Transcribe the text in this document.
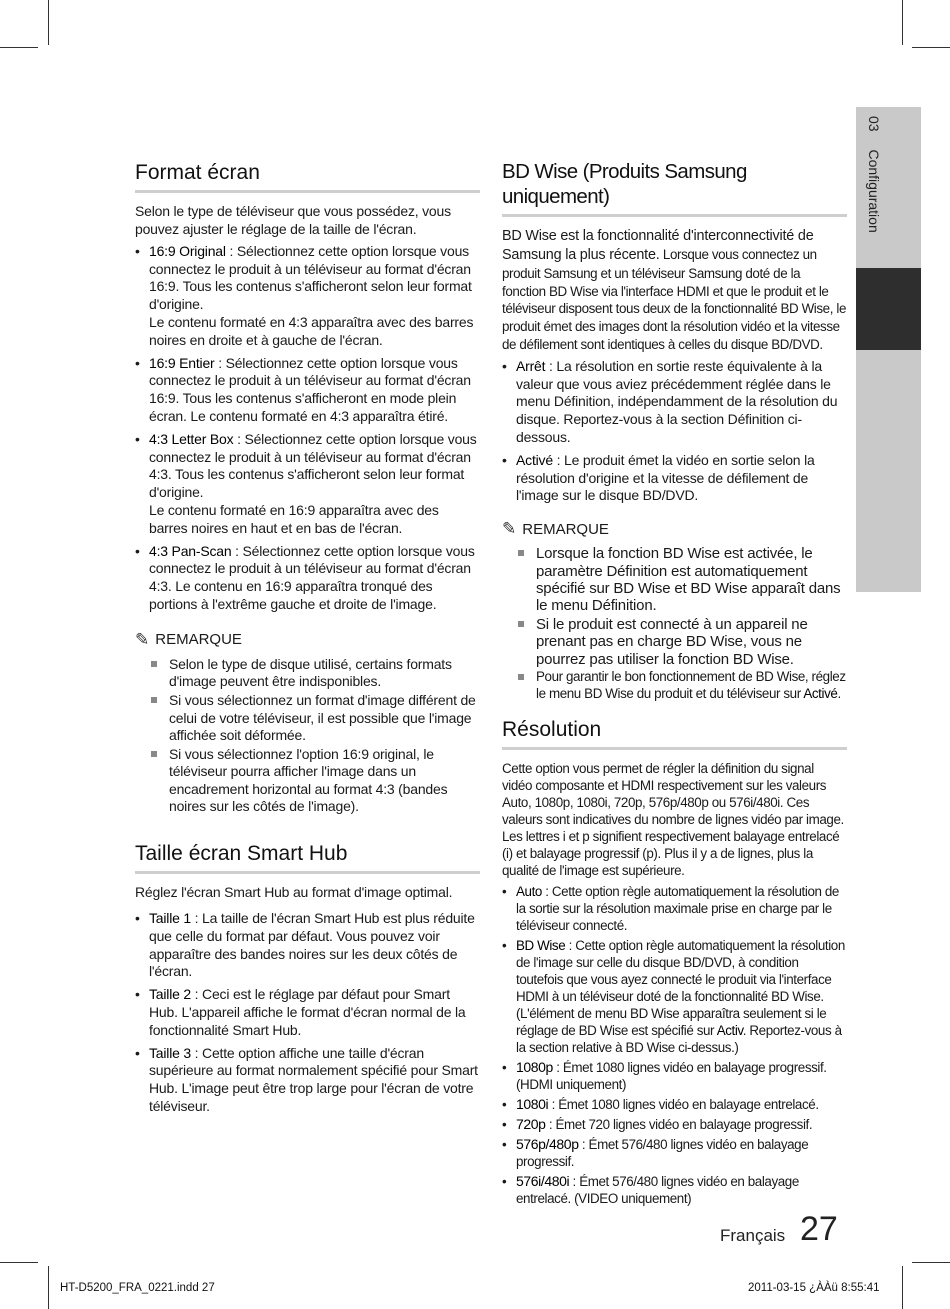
03 Configuration
Format écran

Selon le type de téléviseur que vous possédez, vous pouvez ajuster le réglage de la taille de l'écran.

• 16:9 Original : Sélectionnez cette option lorsque vous connectez le produit à un téléviseur au format d'écran 16:9. Tous les contenus s'afficheront selon leur format d'origine.
Le contenu formaté en 4:3 apparaîtra avec des barres noires en droite et à gauche de l'écran.
• 16:9 Entier : Sélectionnez cette option lorsque vous connectez le produit à un téléviseur au format d'écran 16:9. Tous les contenus s'afficheront en mode plein écran. Le contenu formaté en 4:3 apparaîtra étiré.
• 4:3 Letter Box : Sélectionnez cette option lorsque vous connectez le produit à un téléviseur au format d'écran 4:3. Tous les contenus s'afficheront selon leur format d'origine.
Le contenu formaté en 16:9 apparaîtra avec des barres noires en haut et en bas de l'écran.
• 4:3 Pan-Scan : Sélectionnez cette option lorsque vous connectez le produit à un téléviseur au format d'écran 4:3. Le contenu en 16:9 apparaîtra tronqué des portions à l'extrême gauche et droite de l'image.
✎ REMARQUE
Selon le type de disque utilisé, certains formats d'image peuvent être indisponibles.
Si vous sélectionnez un format d'image différent de celui de votre téléviseur, il est possible que l'image affichée soit déformée.
Si vous sélectionnez l'option 16:9 original, le téléviseur pourra afficher l'image dans un encadrement horizontal au format 4:3 (bandes noires sur les côtés de l'image).
Taille écran Smart Hub

Réglez l'écran Smart Hub au format d'image optimal.

• Taille 1 : La taille de l'écran Smart Hub est plus réduite que celle du format par défaut. Vous pouvez voir apparaître des bandes noires sur les deux côtés de l'écran.
• Taille 2 : Ceci est le réglage par défaut pour Smart Hub. L'appareil affiche le format d'écran normal de la fonctionnalité Smart Hub.
• Taille 3 : Cette option affiche une taille d'écran supérieure au format normalement spécifié pour Smart Hub. L'image peut être trop large pour l'écran de votre téléviseur.
BD Wise (Produits Samsung uniquement)

BD Wise est la fonctionnalité d'interconnectivité de Samsung la plus récente. Lorsque vous connectez un produit Samsung et un téléviseur Samsung doté de la fonction BD Wise via l'interface HDMI et que le produit et le téléviseur disposent tous deux de la fonctionnalité BD Wise, le produit émet des images dont la résolution vidéo et la vitesse de défilement sont identiques à celles du disque BD/DVD.

• Arrêt : La résolution en sortie reste équivalente à la valeur que vous aviez précédemment réglée dans le menu Définition, indépendamment de la résolution du disque. Reportez-vous à la section Définition ci-dessous.
• Activé : Le produit émet la vidéo en sortie selon la résolution d'origine et la vitesse de défilement de l'image sur le disque BD/DVD.
✎ REMARQUE
Lorsque la fonction BD Wise est activée, le paramètre Définition est automatiquement spécifié sur BD Wise et BD Wise apparaît dans le menu Définition.
Si le produit est connecté à un appareil ne prenant pas en charge BD Wise, vous ne pourrez pas utiliser la fonction BD Wise.
Pour garantir le bon fonctionnement de BD Wise, réglez le menu BD Wise du produit et du téléviseur sur Activé.
Résolution

Cette option vous permet de régler la définition du signal vidéo composante et HDMI respectivement sur les valeurs Auto, 1080p, 1080i, 720p, 576p/480p ou 576i/480i. Ces valeurs sont indicatives du nombre de lignes vidéo par image. Les lettres i et p signifient respectivement balayage entrelacé (i) et balayage progressif (p). Plus il y a de lignes, plus la qualité de l'image est supérieure.

• Auto : Cette option règle automatiquement la résolution de la sortie sur la résolution maximale prise en charge par le téléviseur connecté.
• BD Wise : Cette option règle automatiquement la résolution de l'image sur celle du disque BD/DVD, à condition toutefois que vous ayez connecté le produit via l'interface HDMI à un téléviseur doté de la fonctionnalité BD Wise. (L'élément de menu BD Wise apparaîtra seulement si le réglage de BD Wise est spécifié sur Activ. Reportez-vous à la section relative à BD Wise ci-dessus.)
• 1080p : Émet 1080 lignes vidéo en balayage progressif. (HDMI uniquement)
• 1080i : Émet 1080 lignes vidéo en balayage entrelacé.
• 720p : Émet 720 lignes vidéo en balayage progressif.
• 576p/480p : Émet 576/480 lignes vidéo en balayage progressif.
• 576i/480i : Émet 576/480 lignes vidéo en balayage entrelacé. (VIDEO uniquement)
Français 27
HT-D5200_FRA_0221.indd 27	2011-03-15 ¿ÀÀü 8:55:41
